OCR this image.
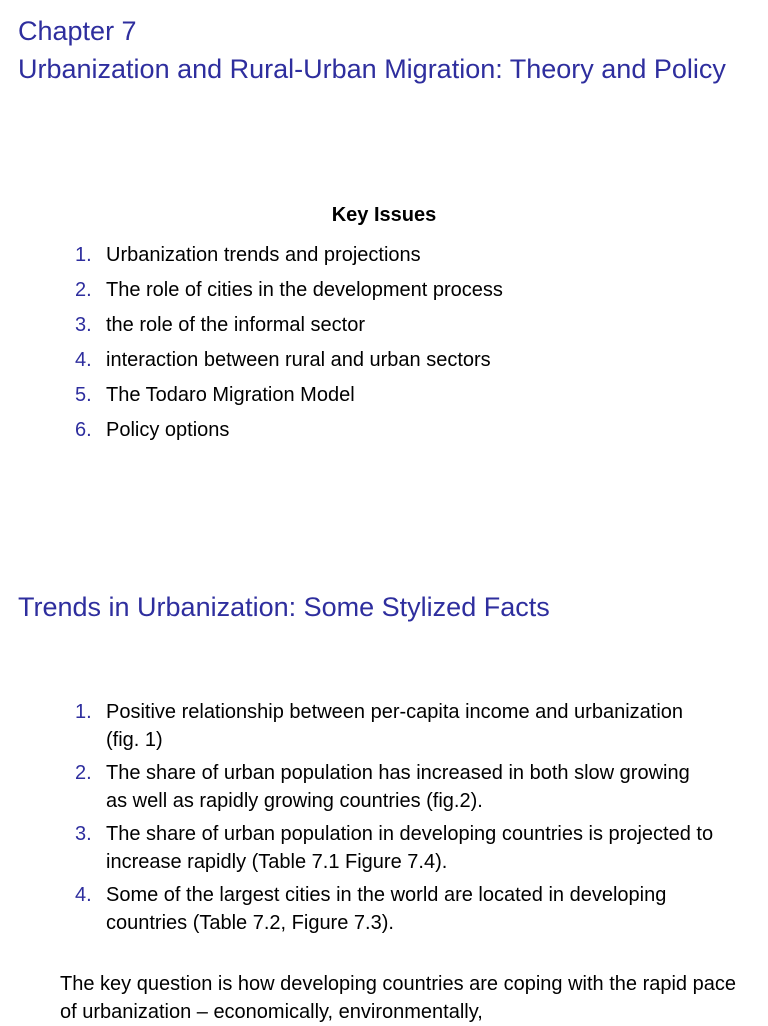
Chapter 7
Urbanization and Rural-Urban Migration: Theory and Policy
Key Issues
1. Urbanization trends and projections
2. The role of cities in the development process
3. the role of the informal sector
4. interaction between rural and urban sectors
5. The Todaro Migration Model
6. Policy options
Trends in Urbanization: Some Stylized Facts
1. Positive relationship between per-capita income and urbanization (fig. 1)
2. The share of urban population has increased in both slow growing as well as rapidly growing countries (fig.2).
3. The share of urban population in developing countries is projected to increase rapidly (Table 7.1 Figure 7.4).
4. Some of the largest cities in the world are located in developing countries (Table 7.2, Figure 7.3).

The key question is how developing countries are coping with the rapid pace of urbanization – economically, environmentally,
